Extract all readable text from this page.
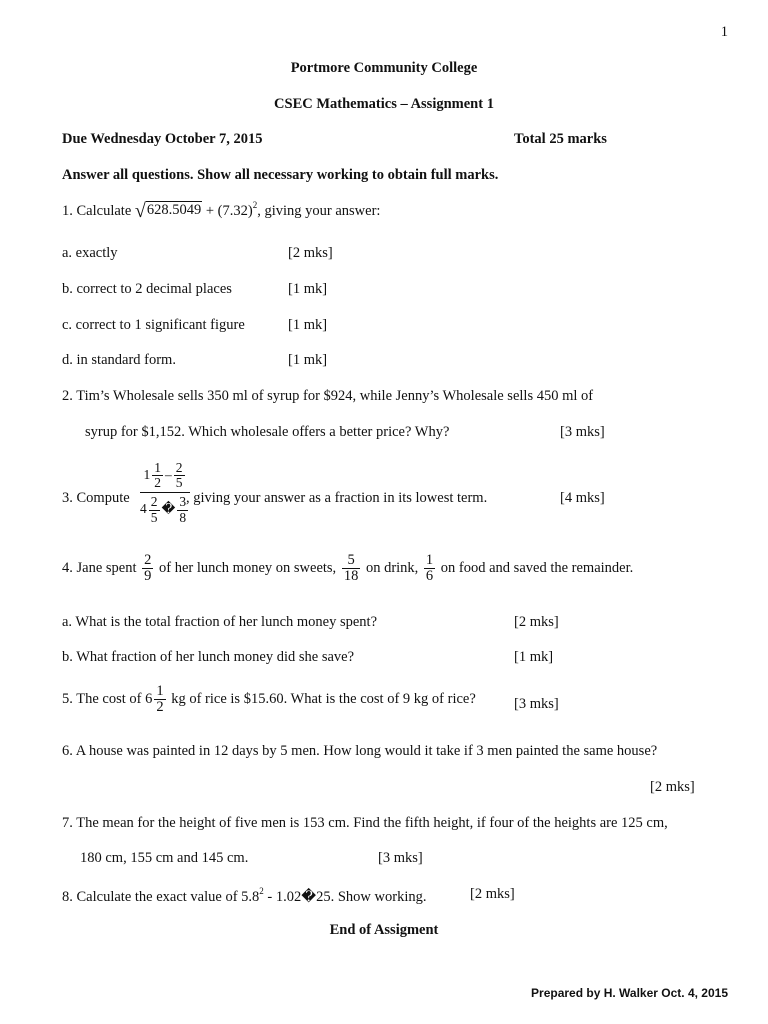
1
Portmore Community College
CSEC Mathematics – Assignment 1
Due Wednesday October 7, 2015	Total 25 marks
Answer all questions. Show all necessary working to obtain full marks.
1. Calculate $√628.5049 + (7.32)^2$, giving your answer:
a. exactly	[2 mks]
b. correct to 2 decimal places	[1 mk]
c. correct to 1 significant figure	[1 mk]
d. in standard form.	[1 mk]
2. Tim’s Wholesale sells 350 ml of syrup for $924, while Jenny’s Wholesale sells 450 ml of
syrup for $1,152. Which wholesale offers a better price? Why?	[3 mks]
3. Compute $\frac{1 \frac{1}{2} - \frac{2}{5}}{4 \frac{2}{5} � \frac{3}{8}}$
, giving your answer as a fraction in its lowest term.	[4 mks]
4. Jane spent $\frac{2}{9}$ of her lunch money on sweets, $\frac{5}{18}$ on drink, $\frac{1}{6}$ on food and saved the remainder.
a. What is the total fraction of her lunch money spent?	[2 mks]
b. What fraction of her lunch money did she save?	[1 mk]
5. The cost of $6 \frac{1}{2}$ kg of rice is $15.60. What is the cost of 9 kg of rice?	[3 mks]
6. A house was painted in 12 days by 5 men. How long would it take if 3 men painted the same house?
[2 mks]
7. The mean for the height of five men is 153 cm. Find the fifth height, if four of the heights are 125 cm,
180 cm, 155 cm and 145 cm.	[3 mks]
8. Calculate the exact value of $5.8^2$ - 1.02�25. Show working.	[2 mks]
End of Assigment
Prepared by H. Walker Oct. 4, 2015
